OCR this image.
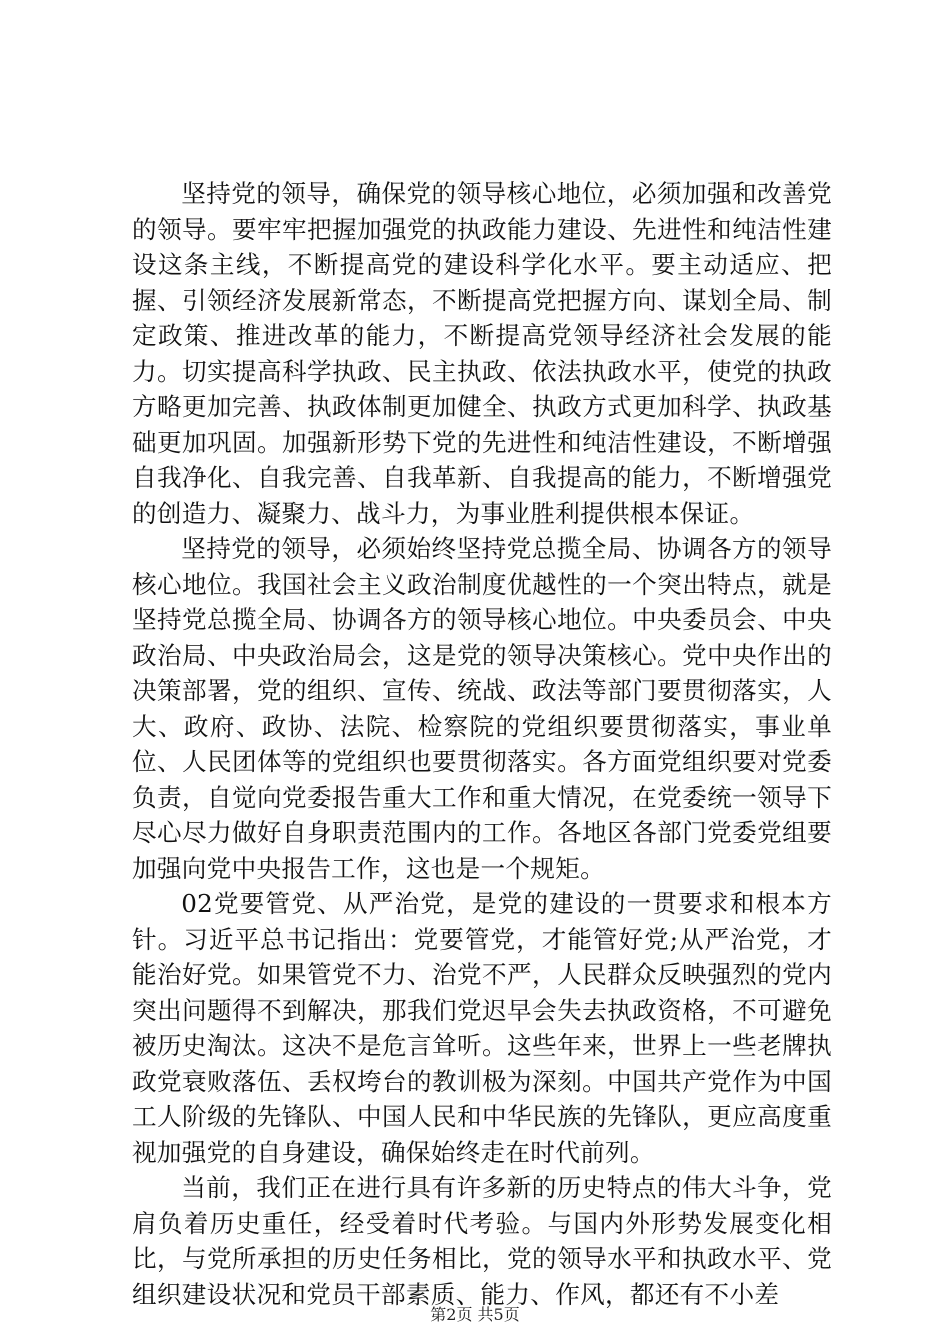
坚持党的领导，确保党的领导核心地位，必须加强和改善党的领导。要牢牢把握加强党的执政能力建设、先进性和纯洁性建设这条主线，不断提高党的建设科学化水平。要主动适应、把握、引领经济发展新常态，不断提高党把握方向、谋划全局、制定政策、推进改革的能力，不断提高党领导经济社会发展的能力。切实提高科学执政、民主执政、依法执政水平，使党的执政方略更加完善、执政体制更加健全、执政方式更加科学、执政基础更加巩固。加强新形势下党的先进性和纯洁性建设，不断增强自我净化、自我完善、自我革新、自我提高的能力，不断增强党的创造力、凝聚力、战斗力，为事业胜利提供根本保证。

坚持党的领导，必须始终坚持党总揽全局、协调各方的领导核心地位。我国社会主义政治制度优越性的一个突出特点，就是坚持党总揽全局、协调各方的领导核心地位。中央委员会、中央政治局、中央政治局会，这是党的领导决策核心。党中央作出的决策部署，党的组织、宣传、统战、政法等部门要贯彻落实，人大、政府、政协、法院、检察院的党组织要贯彻落实，事业单位、人民团体等的党组织也要贯彻落实。各方面党组织要对党委负责，自觉向党委报告重大工作和重大情况，在党委统一领导下尽心尽力做好自身职责范围内的工作。各地区各部门党委党组要加强向党中央报告工作，这也是一个规矩。

02党要管党、从严治党，是党的建设的一贯要求和根本方针。习近平总书记指出：党要管党，才能管好党;从严治党，才能治好党。如果管党不力、治党不严，人民群众反映强烈的党内突出问题得不到解决，那我们党迟早会失去执政资格，不可避免被历史淘汰。这决不是危言耸听。这些年来，世界上一些老牌执政党衰败落伍、丢权垮台的教训极为深刻。中国共产党作为中国工人阶级的先锋队、中国人民和中华民族的先锋队，更应高度重视加强党的自身建设，确保始终走在时代前列。

当前，我们正在进行具有许多新的历史特点的伟大斗争，党肩负着历史重任，经受着时代考验。与国内外形势发展变化相比，与党所承担的历史任务相比，党的领导水平和执政水平、党组织建设状况和党员干部素质、能力、作风，都还有不小差

第2页 共5页
